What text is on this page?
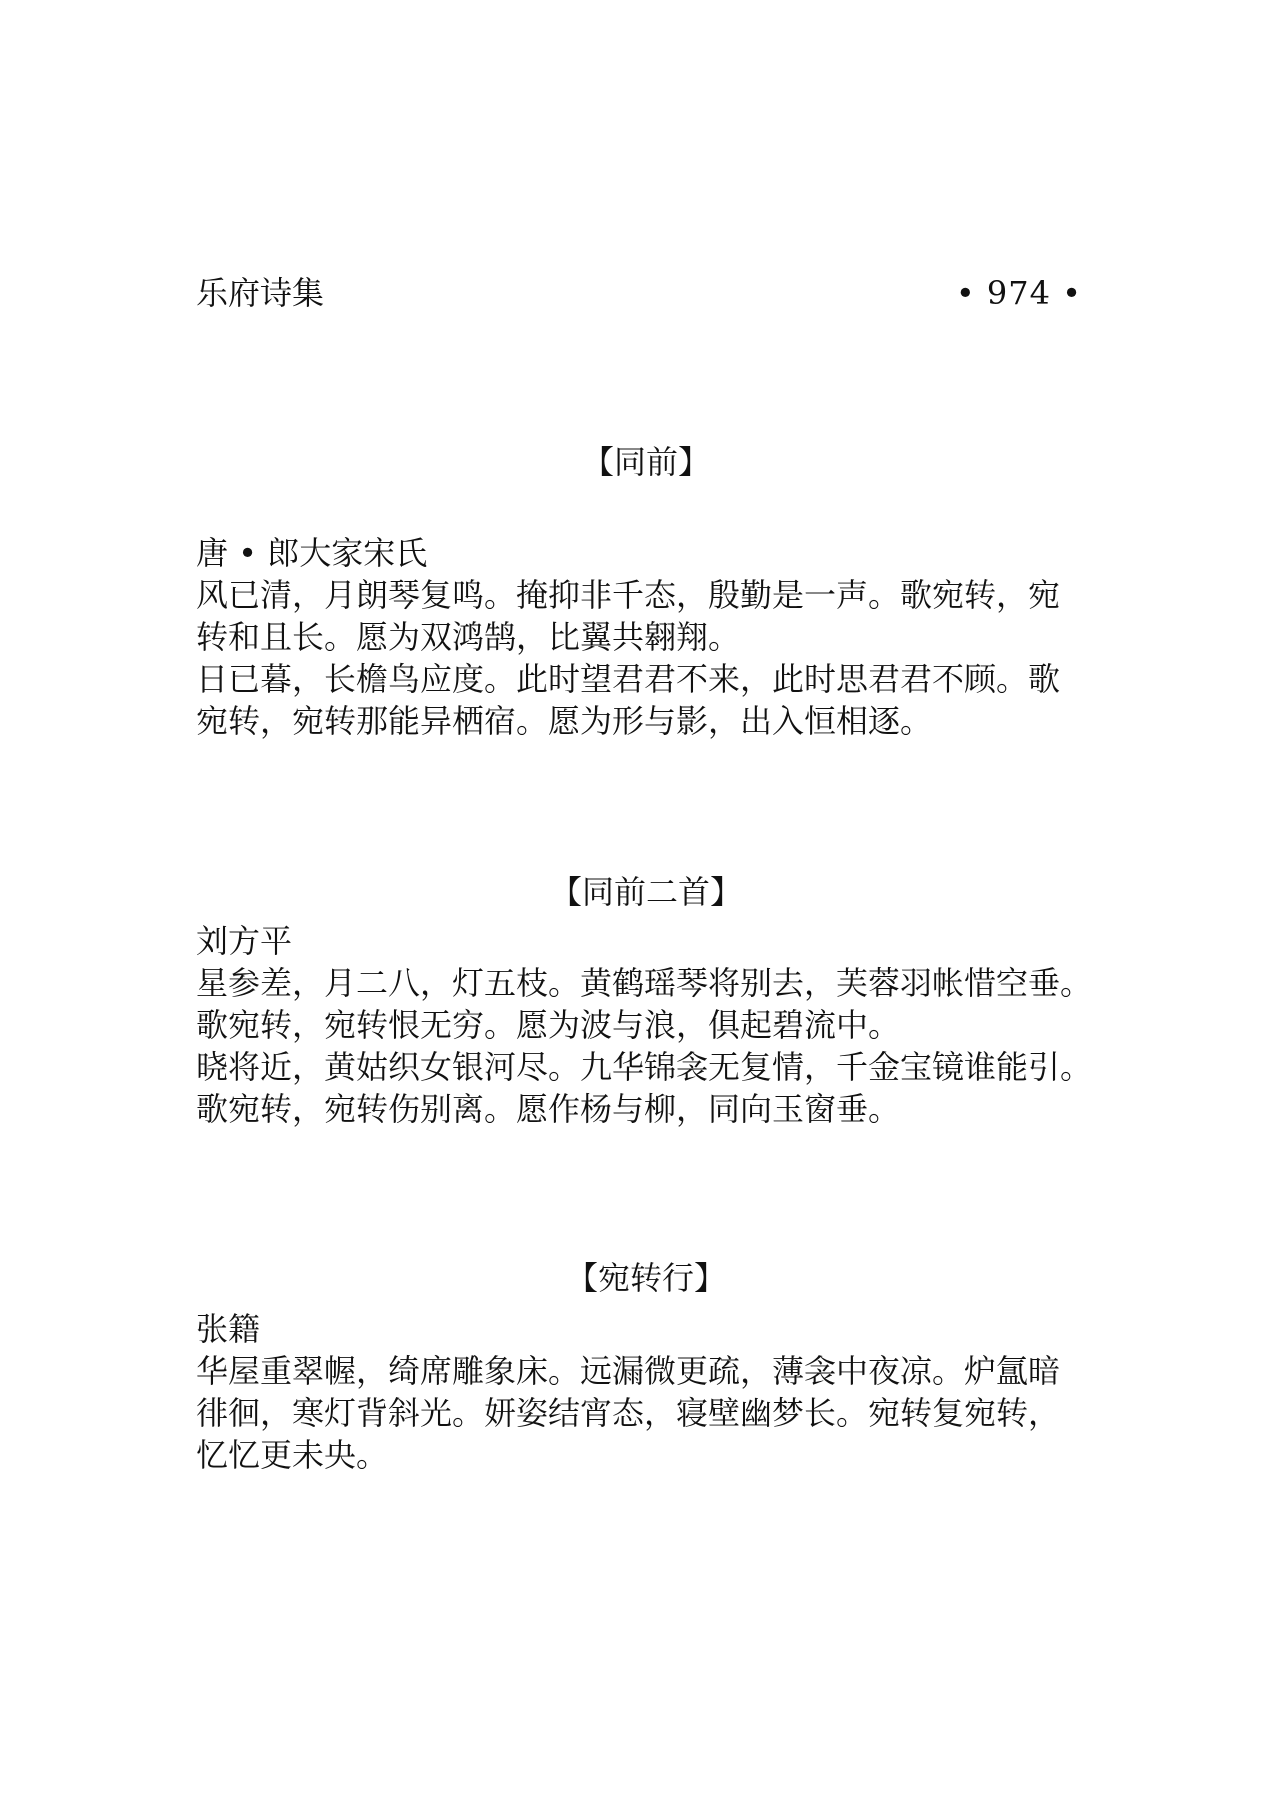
乐府诗集	• 974 •
【同前】
唐 • 郎大家宋氏

风已清，月朗琴复鸣。掩抑非千态，殷勤是一声。歌宛转，宛

转和且长。愿为双鸿鹄，比翼共翱翔。

日已暮，长檐鸟应度。此时望君君不来，此时思君君不顾。歌

宛转，宛转那能异栖宿。愿为形与影，出入恒相逐。

【同前二首】
刘方平

星参差，月二八，灯五枝。黄鹤瑶琴将别去，芙蓉羽帐惜空垂。

歌宛转，宛转恨无穷。愿为波与浪，俱起碧流中。

晓将近，黄姑织女银河尽。九华锦衾无复情，千金宝镜谁能引。

歌宛转，宛转伤别离。愿作杨与柳，同向玉窗垂。

【宛转行】
张籍

华屋重翠幄，绮席雕象床。远漏微更疏，薄衾中夜凉。炉氲暗

徘徊，寒灯背斜光。妍姿结宵态，寝壁幽梦长。宛转复宛转，

忆忆更未央。
